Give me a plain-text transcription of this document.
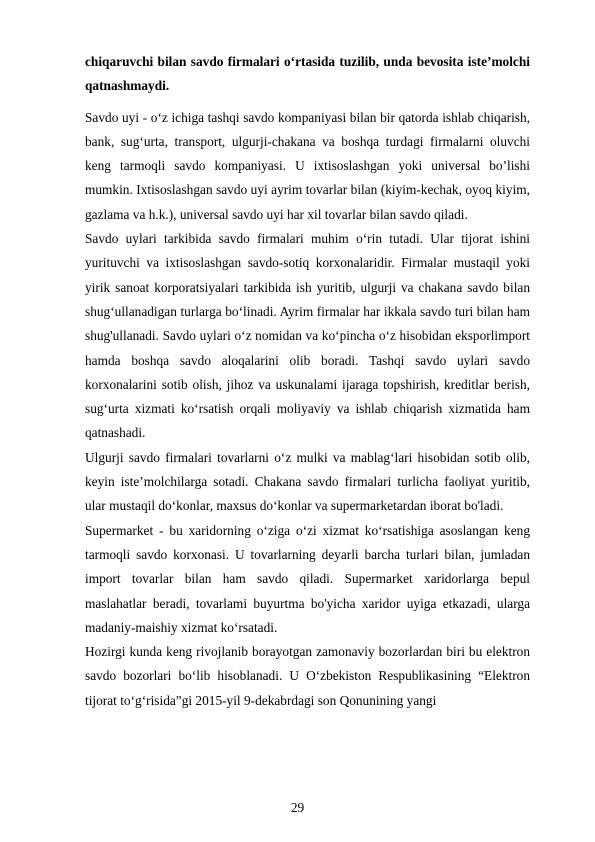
chiqaruvchi bilan savdo firmalari o‘rtasida tuzilib, unda bevosita iste’molchi qatnashmaydi.

Savdo uyi - o‘z ichiga tashqi savdo kompaniyasi bilan bir qatorda ishlab chiqarish, bank, sug‘urta, transport, ulgurji-chakana va boshqa turdagi firmalarni oluvchi keng tarmoqli savdo kompaniyasi. U ixtisoslashgan yoki universal bo’lishi mumkin. Ixtisoslashgan savdo uyi ayrim tovarlar bilan (kiyim-kechak, oyoq kiyim, gazlama va h.k.), universal savdo uyi har xil tovarlar bilan savdo qiladi.

Savdo uylari tarkibida savdo firmalari muhim o‘rin tutadi. Ular tijorat ishini yurituvchi va ixtisoslashgan savdo-sotiq korxonalaridir. Firmalar mustaqil yoki yirik sanoat korporatsiyalari tarkibida ish yuritib, ulgurji va chakana savdo bilan shug‘ullanadigan turlarga bo‘linadi. Ayrim firmalar har ikkala savdo turi bilan ham shug'ullanadi. Savdo uylari o‘z nomidan va ko‘pincha o‘z hisobidan eksporlimport hamda boshqa savdo aloqalarini olib boradi. Tashqi savdo uylari savdo korxonalarini sotib olish, jihoz va uskunalami ijaraga topshirish, kreditlar berish, sug‘urta xizmati ko‘rsatish orqali moliyaviy va ishlab chiqarish xizmatida ham qatnashadi.

Ulgurji savdo firmalari tovarlarni o‘z mulki va mablag‘lari hisobidan sotib olib, keyin iste’molchilarga sotadi. Chakana savdo firmalari turlicha faoliyat yuritib, ular mustaqil do‘konlar, maxsus do‘konlar va supermarketardan iborat bo'ladi.

Supermarket - bu xaridorning o‘ziga o‘zi xizmat ko‘rsatishiga asoslangan keng tarmoqli savdo korxonasi. U tovarlarning deyarli barcha turlari bilan, jumladan import tovarlar bilan ham savdo qiladi. Supermarket xaridorlarga bepul maslahatlar beradi, tovarlami buyurtma bo'yicha xaridor uyiga etkazadi, ularga madaniy-maishiy xizmat ko‘rsatadi.

Hozirgi kunda keng rivojlanib borayotgan zamonaviy bozorlardan biri bu elektron savdo bozorlari bo‘lib hisoblanadi. U O‘zbekiston Respublikasining “Elektron tijorat to‘g‘risida”gi 2015-yil 9-dekabrdagi son Qonunining yangi

29
